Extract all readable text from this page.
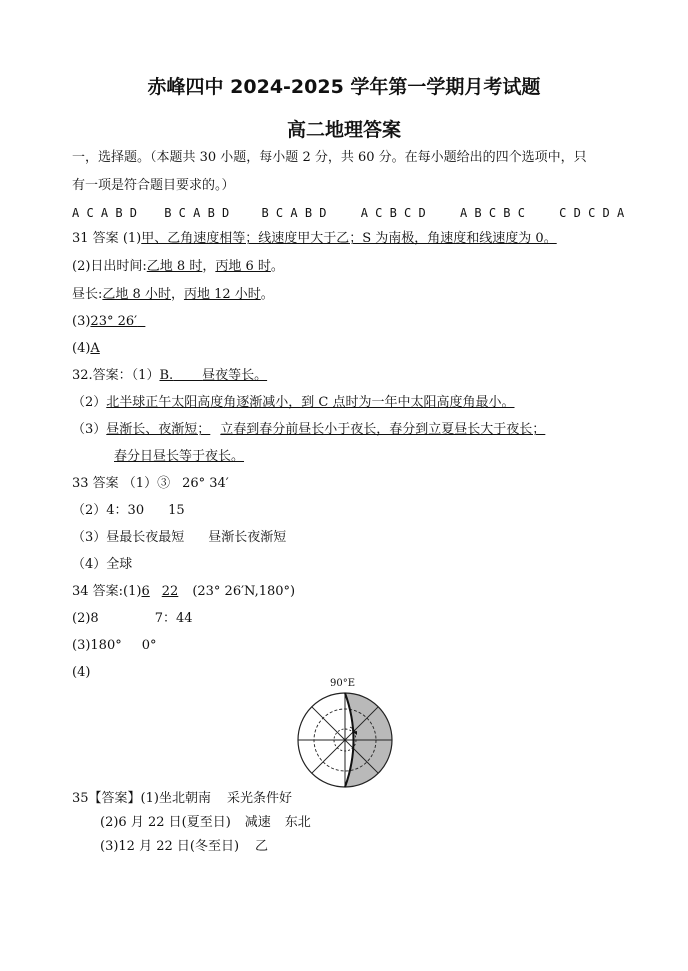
赤峰四中 2024-2025 学年第一学期月考试题
高二地理答案
一，选择题。（本题共 30 小题，每小题 2 分，共 60 分。在每小题给出的四个选项中，只
有一项是符合题目要求的。）
A C A B D B C A B D	B C A B D	A C B C D	A B C B C	C D C D A
31 答案 (1)甲、乙角速度相等；线速度甲大于乙；S 为南极，角速度和线速度为 0。
(2)日出时间:乙地 8 时，丙地 6 时。
昼长:乙地 8 小时，丙地 12 小时。
(3)23° 26′
(4)A
32.答案：（1）B. 昼夜等长。
（2）北半球正午太阳高度角逐渐减小，到 C 点时为一年中太阳高度角最小。
（3）昼渐长、夜渐短； 立春到春分前昼长小于夜长，春分到立夏昼长大于夜长；
春分日昼长等于夜长。
33 答案 （1）③ 26° 34′
（2）4：30 15
（3）昼最长夜最短 昼渐长夜渐短
（4）全球
34 答案:(1)6 22 (23° 26′N,180°)
(2)8	7：44
(3)180° 0°
(4)
90°E
35【答案】(1)坐北朝南 采光条件好
(2)6 月 22 日(夏至日) 减速 东北
(3)12 月 22 日(冬至日) 乙
